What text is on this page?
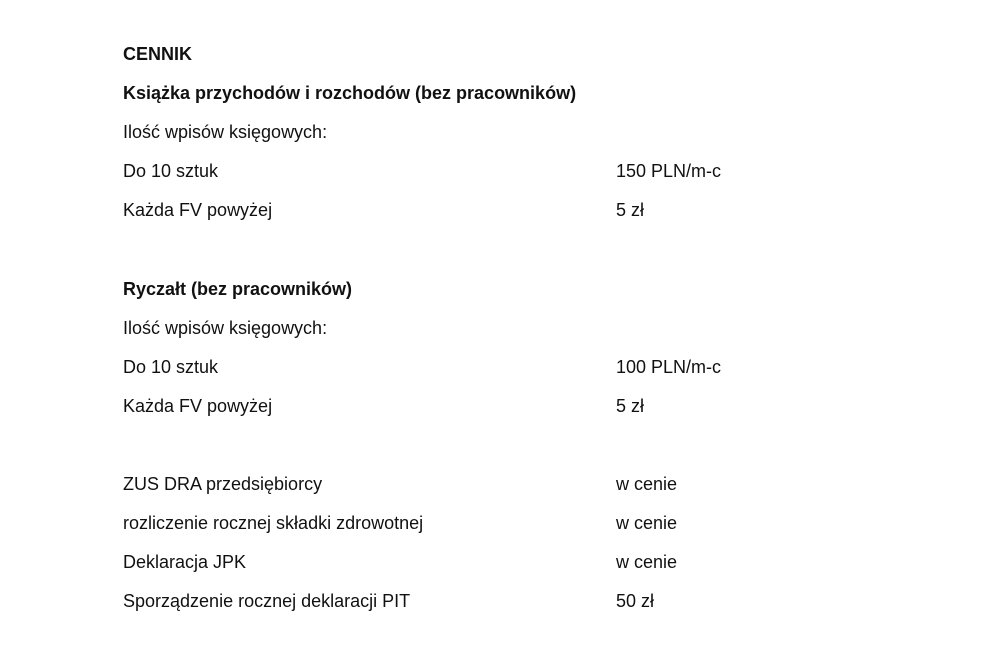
CENNIK
Książka przychodów i rozchodów (bez pracowników)
Ilość wpisów księgowych:
Do 10 sztuk	150 PLN/m-c
Każda FV powyżej	5 zł
Ryczałt (bez pracowników)
Ilość wpisów księgowych:
Do 10 sztuk	100 PLN/m-c
Każda FV powyżej	5 zł
ZUS DRA przedsiębiorcy	w cenie
rozliczenie rocznej składki zdrowotnej	w cenie
Deklaracja JPK	w cenie
Sporządzenie rocznej deklaracji PIT	50 zł
